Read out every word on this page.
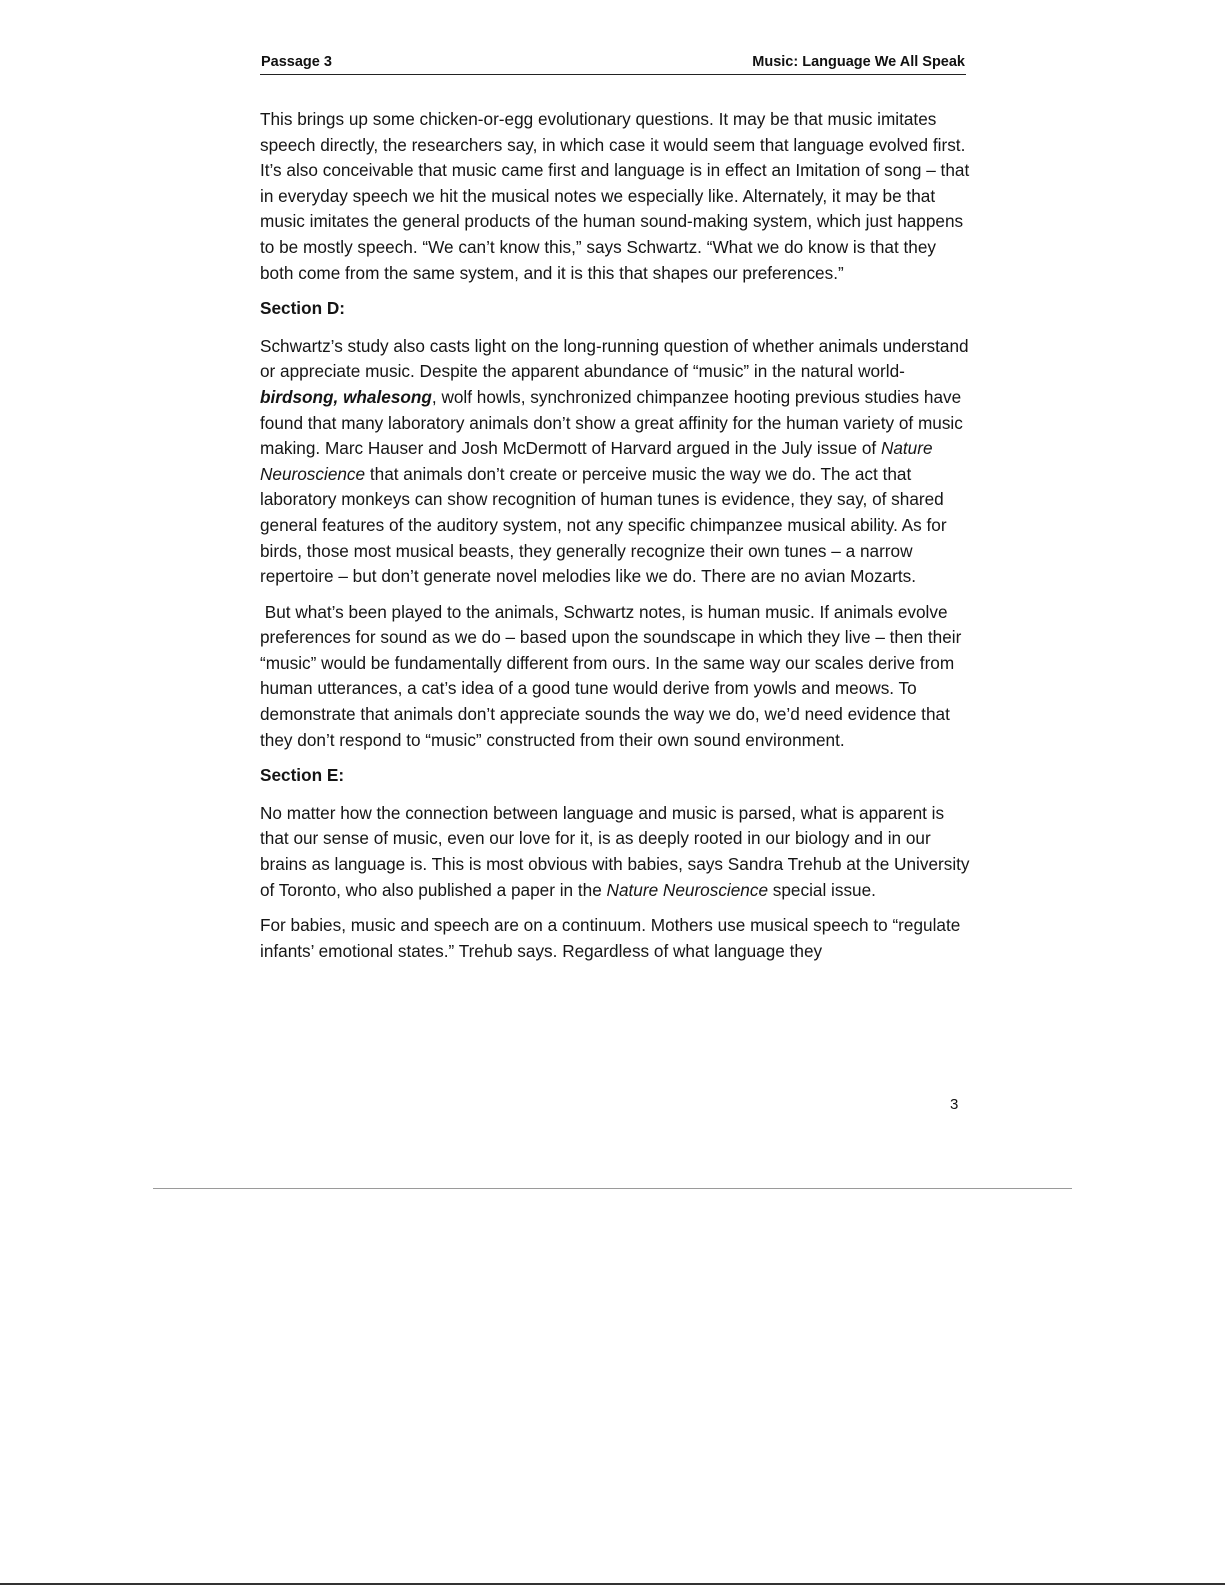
Passage 3	Music: Language We All Speak

This brings up some chicken-or-egg evolutionary questions. It may be that music imitates speech directly, the researchers say, in which case it would seem that language evolved first. It’s also conceivable that music came first and language is in effect an Imitation of song – that in everyday speech we hit the musical notes we especially like. Alternately, it may be that music imitates the general products of the human sound-making system, which just happens to be mostly speech. “We can’t know this,” says Schwartz. “What we do know is that they both come from the same system, and it is this that shapes our preferences.”

Section D:

Schwartz’s study also casts light on the long-running question of whether animals understand or appreciate music. Despite the apparent abundance of “music” in the natural world- birdsong, whalesong, wolf howls, synchronized chimpanzee hooting previous studies have found that many laboratory animals don’t show a great affinity for the human variety of music making. Marc Hauser and Josh McDermott of Harvard argued in the July issue of Nature Neuroscience that animals don’t create or perceive music the way we do. The act that laboratory monkeys can show recognition of human tunes is evidence, they say, of shared general features of the auditory system, not any specific chimpanzee musical ability. As for birds, those most musical beasts, they generally recognize their own tunes – a narrow repertoire – but don’t generate novel melodies like we do. There are no avian Mozarts.

But what’s been played to the animals, Schwartz notes, is human music. If animals evolve preferences for sound as we do – based upon the soundscape in which they live – then their “music” would be fundamentally different from ours. In the same way our scales derive from human utterances, a cat’s idea of a good tune would derive from yowls and meows. To demonstrate that animals don’t appreciate sounds the way we do, we’d need evidence that they don’t respond to “music” constructed from their own sound environment.

Section E:

No matter how the connection between language and music is parsed, what is apparent is that our sense of music, even our love for it, is as deeply rooted in our biology and in our brains as language is. This is most obvious with babies, says Sandra Trehub at the University of Toronto, who also published a paper in the Nature Neuroscience special issue.

For babies, music and speech are on a continuum. Mothers use musical speech to “regulate infants’ emotional states.” Trehub says. Regardless of what language they

3
